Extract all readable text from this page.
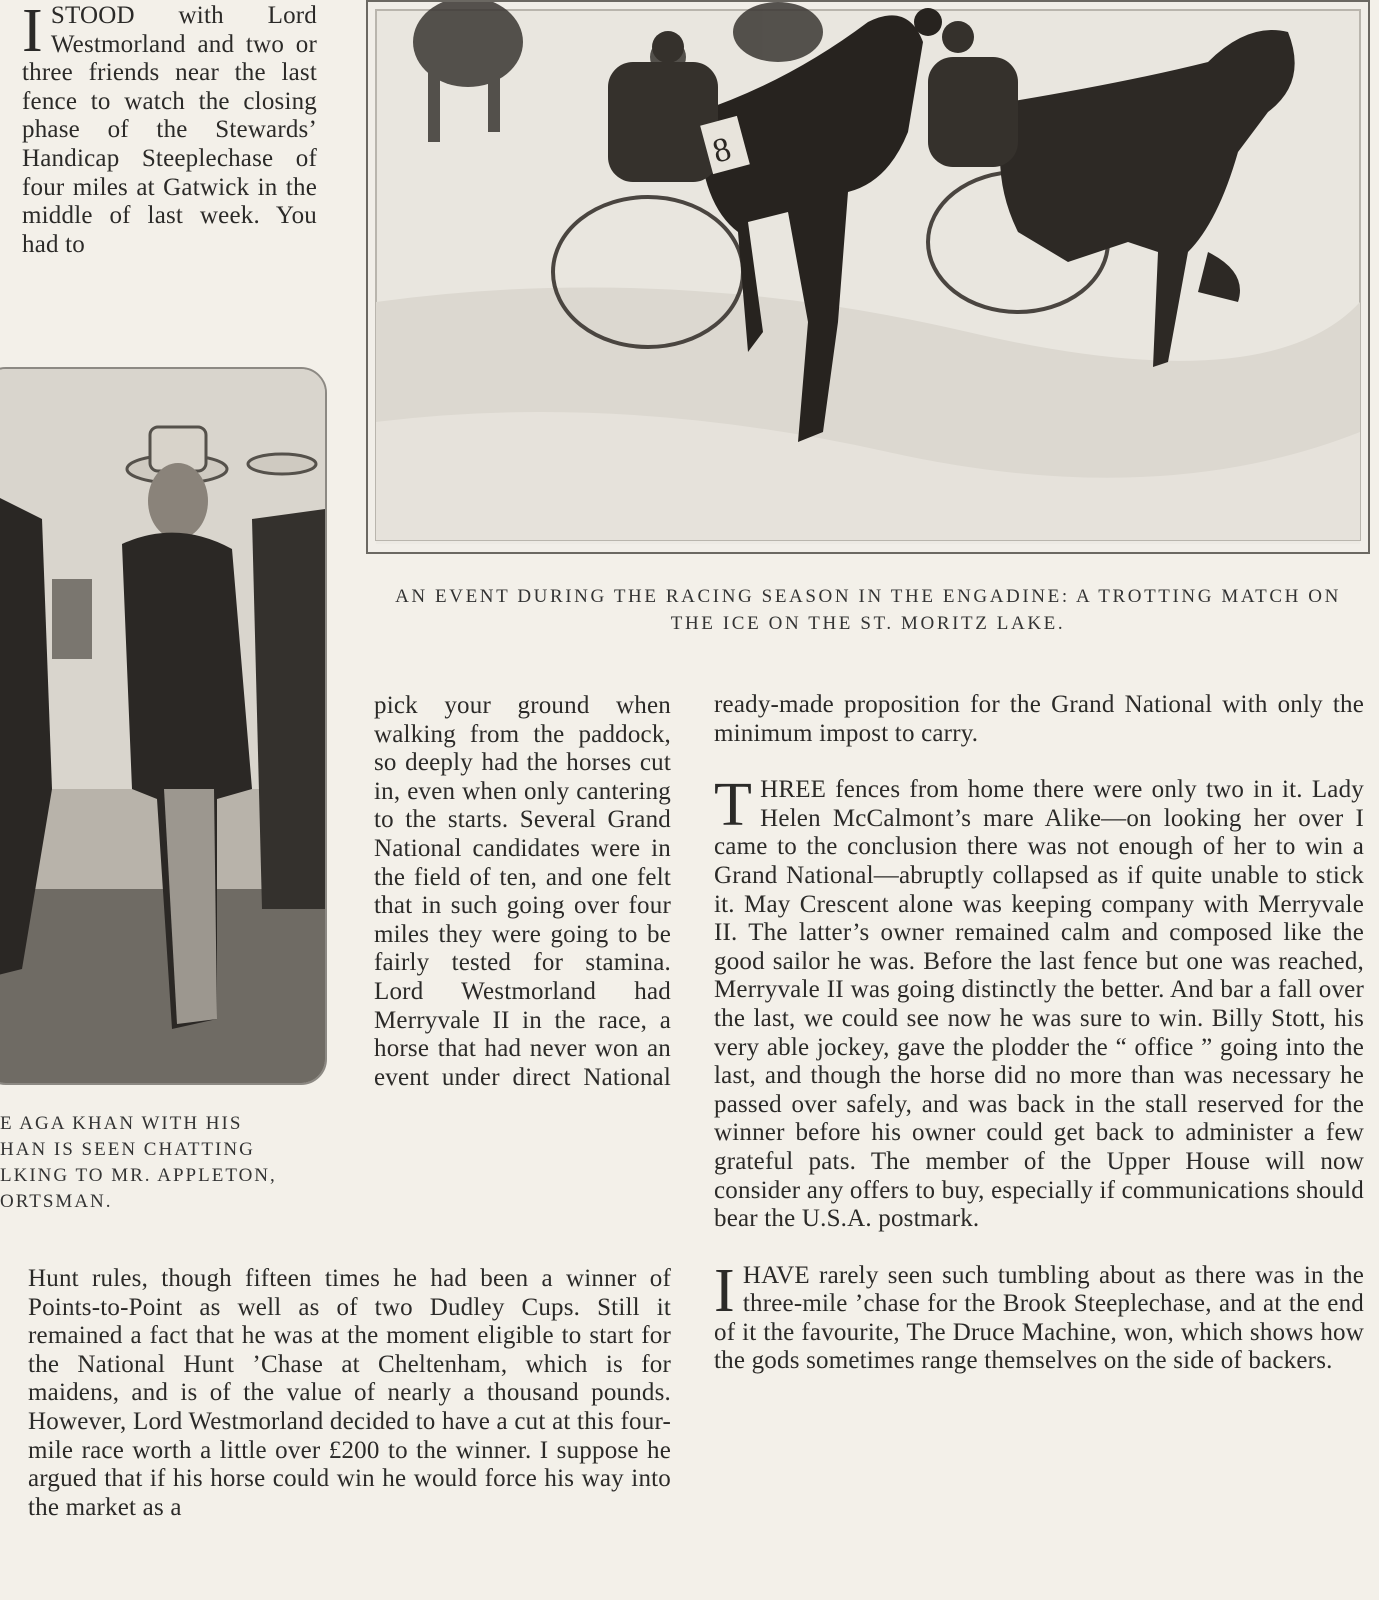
ISTOOD with Lord Westmorland and two or three friends near the last fence to watch the closing phase of the Stewards’ Handicap Steeplechase of four miles at Gatwick in the middle of last week. You had to

8
AN EVENT DURING THE RACING SEASON IN THE ENGADINE: A TROTTING MATCH ON THE ICE ON THE ST. MORITZ LAKE.
E AGA KHAN WITH HIS
HAN IS SEEN CHATTING
LKING TO MR. APPLETON,
ORTSMAN.
pick your ground when walking from the paddock, so deeply had the horses cut in, even when only cantering to the starts. Several Grand National candidates were in the field of ten, and one felt that in such going over four miles they were going to be fairly tested for stamina. Lord Westmorland had Merryvale II in the race, a horse that had never won an event under direct National

Hunt rules, though fifteen times he had been a winner of Points-to-Point as well as of two Dudley Cups. Still it remained a fact that he was at the moment eligible to start for the National Hunt ’Chase at Cheltenham, which is for maidens, and is of the value of nearly a thousand pounds. However, Lord Westmorland decided to have a cut at this four-mile race worth a little over £200 to the winner. I suppose he argued that if his horse could win he would force his way into the market as a

ready-made proposition for the Grand National with only the minimum impost to carry.

THREE fences from home there were only two in it. Lady Helen McCalmont’s mare Alike—on looking her over I came to the conclusion there was not enough of her to win a Grand National—abruptly collapsed as if quite unable to stick it. May Crescent alone was keeping company with Merryvale II. The latter’s owner remained calm and composed like the good sailor he was. Before the last fence but one was reached, Merryvale II was going distinctly the better. And bar a fall over the last, we could see now he was sure to win. Billy Stott, his very able jockey, gave the plodder the “ office ” going into the last, and though the horse did no more than was necessary he passed over safely, and was back in the stall reserved for the winner before his owner could get back to administer a few grateful pats. The member of the Upper House will now consider any offers to buy, especially if communications should bear the U.S.A. postmark.

IHAVE rarely seen such tumbling about as there was in the three-mile ’chase for the Brook Steeplechase, and at the end of it the favourite, The Druce Machine, won, which shows how the gods sometimes range themselves on the side of backers.
